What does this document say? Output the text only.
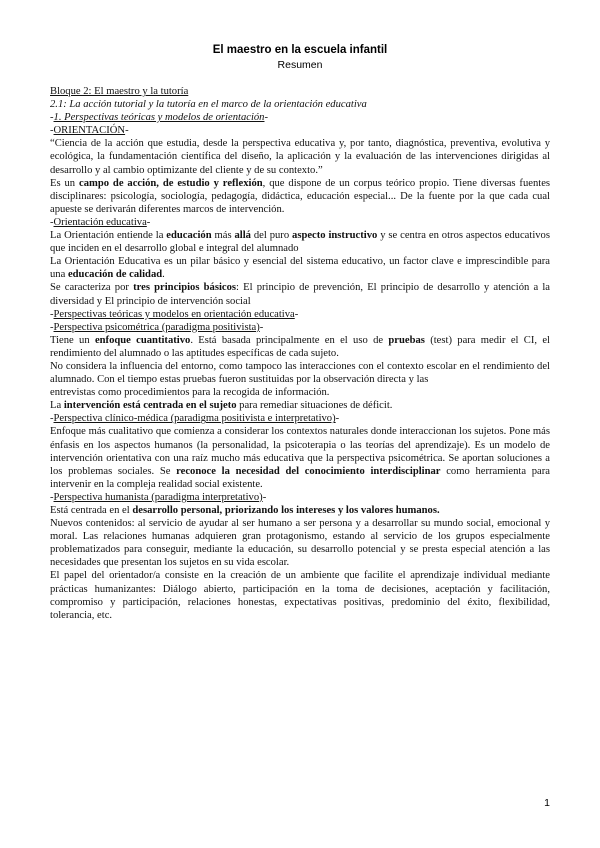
El maestro en la escuela infantil
Resumen

Bloque 2: El maestro y la tutoría

2.1: La acción tutorial y la tutoría en el marco de la orientación educativa

-1. Perspectivas teóricas y modelos de orientación-

-ORIENTACIÓN-

“Ciencia de la acción que estudia, desde la perspectiva educativa y, por tanto, diagnóstica, preventiva, evolutiva y ecológica, la fundamentación científica del diseño, la aplicación y la evaluación de las intervenciones dirigidas al desarrollo y al cambio optimizante del cliente y de su contexto.”

Es un campo de acción, de estudio y reflexión, que dispone de un corpus teórico propio. Tiene diversas fuentes disciplinares: psicología, sociología, pedagogía, didáctica, educación especial... De la fuente por la que cada cual apueste se derivarán diferentes marcos de intervención.

-Orientación educativa-

La Orientación entiende la educación más allá del puro aspecto instructivo y se centra en otros aspectos educativos que inciden en el desarrollo global e integral del alumnado

La Orientación Educativa es un pilar básico y esencial del sistema educativo, un factor clave e imprescindible para una educación de calidad.

Se caracteriza por tres principios básicos: El principio de prevención, El principio de desarrollo y atención a la diversidad y El principio de intervención social

-Perspectivas teóricas y modelos en orientación educativa-

-Perspectiva psicométrica (paradigma positivista)-

Tiene un enfoque cuantitativo. Está basada principalmente en el uso de pruebas (test) para medir el CI, el rendimiento del alumnado o las aptitudes específicas de cada sujeto.

No considera la influencia del entorno, como tampoco las interacciones con el contexto escolar en el rendimiento del alumnado. Con el tiempo estas pruebas fueron sustituidas por la observación directa y las

entrevistas como procedimientos para la recogida de información.

La intervención está centrada en el sujeto para remediar situaciones de déficit.

-Perspectiva clínico-médica (paradigma positivista e interpretativo)-

Enfoque más cualitativo que comienza a considerar los contextos naturales donde interaccionan los sujetos. Pone más énfasis en los aspectos humanos (la personalidad, la psicoterapia o las teorías del aprendizaje). Es un modelo de intervención orientativa con una raíz mucho más educativa que la perspectiva psicométrica. Se aportan soluciones a los problemas sociales. Se reconoce la necesidad del conocimiento interdisciplinar como herramienta para intervenir en la compleja realidad social existente.

-Perspectiva humanista (paradigma interpretativo)-

Está centrada en el desarrollo personal, priorizando los intereses y los valores humanos.

Nuevos contenidos: al servicio de ayudar al ser humano a ser persona y a desarrollar su mundo social, emocional y moral. Las relaciones humanas adquieren gran protagonismo, estando al servicio de los grupos especialmente problematizados para conseguir, mediante la educación, su desarrollo potencial y se presta especial atención a las necesidades que presentan los sujetos en su vida escolar.

El papel del orientador/a consiste en la creación de un ambiente que facilite el aprendizaje individual mediante prácticas humanizantes: Diálogo abierto, participación en la toma de decisiones, aceptación y facilitación, compromiso y participación, relaciones honestas, expectativas positivas, predominio del éxito, flexibilidad, tolerancia, etc.

1
